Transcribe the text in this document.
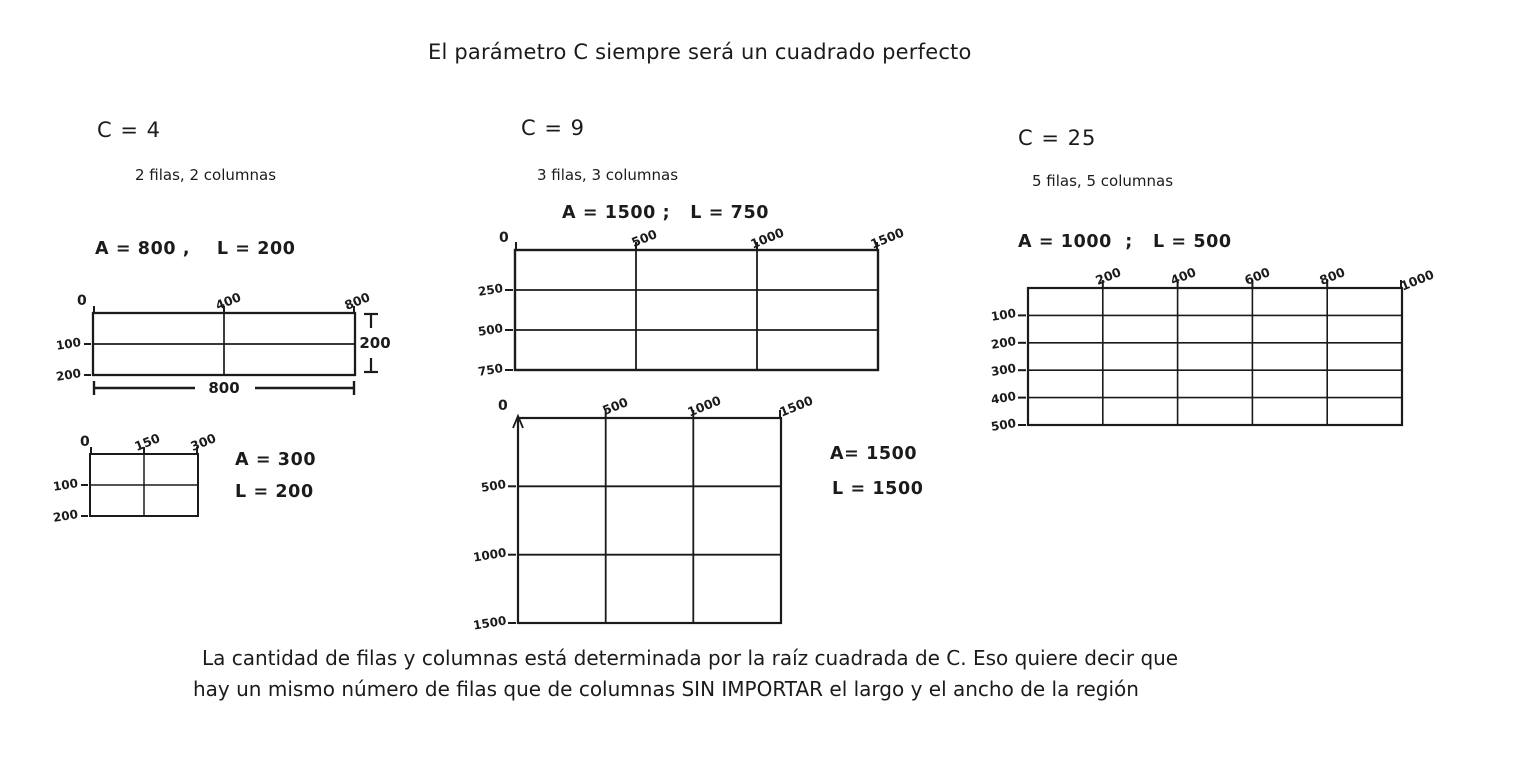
El parámetro C siempre será un cuadrado perfecto
C = 4
2 filas, 2 columnas
A = 800 ,    L = 200
0	400	800
100
200
800
200
0	150 300
100
200
A = 300
L = 200
C = 9
3 filas, 3 columnas
A = 1500 ;   L = 750
0	500	1000	1500
250
500
750
0	500	1000	1500
500
1000
1500
A= 1500
L = 1500
C = 25
5 filas, 5 columnas
A = 1000  ;   L = 500
200	400	600	800	1000
100
200
300
400
500
La cantidad de filas y columnas está determinada por la raíz cuadrada de C. Eso quiere decir que
hay un mismo número de filas que de columnas SIN IMPORTAR el largo y el ancho de la región
